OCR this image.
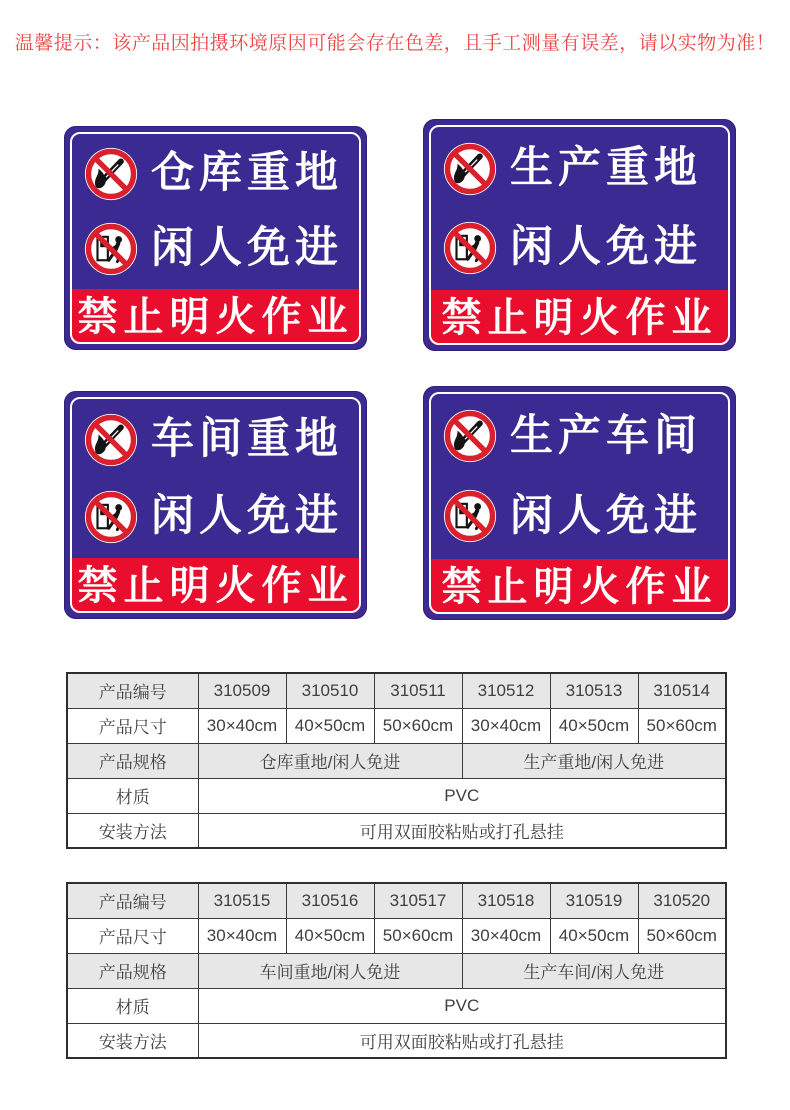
温馨提示：该产品因拍摄环境原因可能会存在色差，且手工测量有误差，请以实物为准！
仓库重地
闲人免进
禁止明火作业
生产重地
闲人免进
禁止明火作业
车间重地
闲人免进
禁止明火作业
生产车间
闲人免进
禁止明火作业
产品编号	310509	310510	310511	310512	310513	310514
产品尺寸	30×40cm	40×50cm	50×60cm	30×40cm	40×50cm	50×60cm
产品规格	仓库重地/闲人免进			生产重地/闲人免进		
材质	PVC					
安装方法	可用双面胶粘贴或打孔悬挂					
产品编号	310515	310516	310517	310518	310519	310520
产品尺寸	30×40cm	40×50cm	50×60cm	30×40cm	40×50cm	50×60cm
产品规格	车间重地/闲人免进			生产车间/闲人免进		
材质	PVC					
安装方法	可用双面胶粘贴或打孔悬挂					
